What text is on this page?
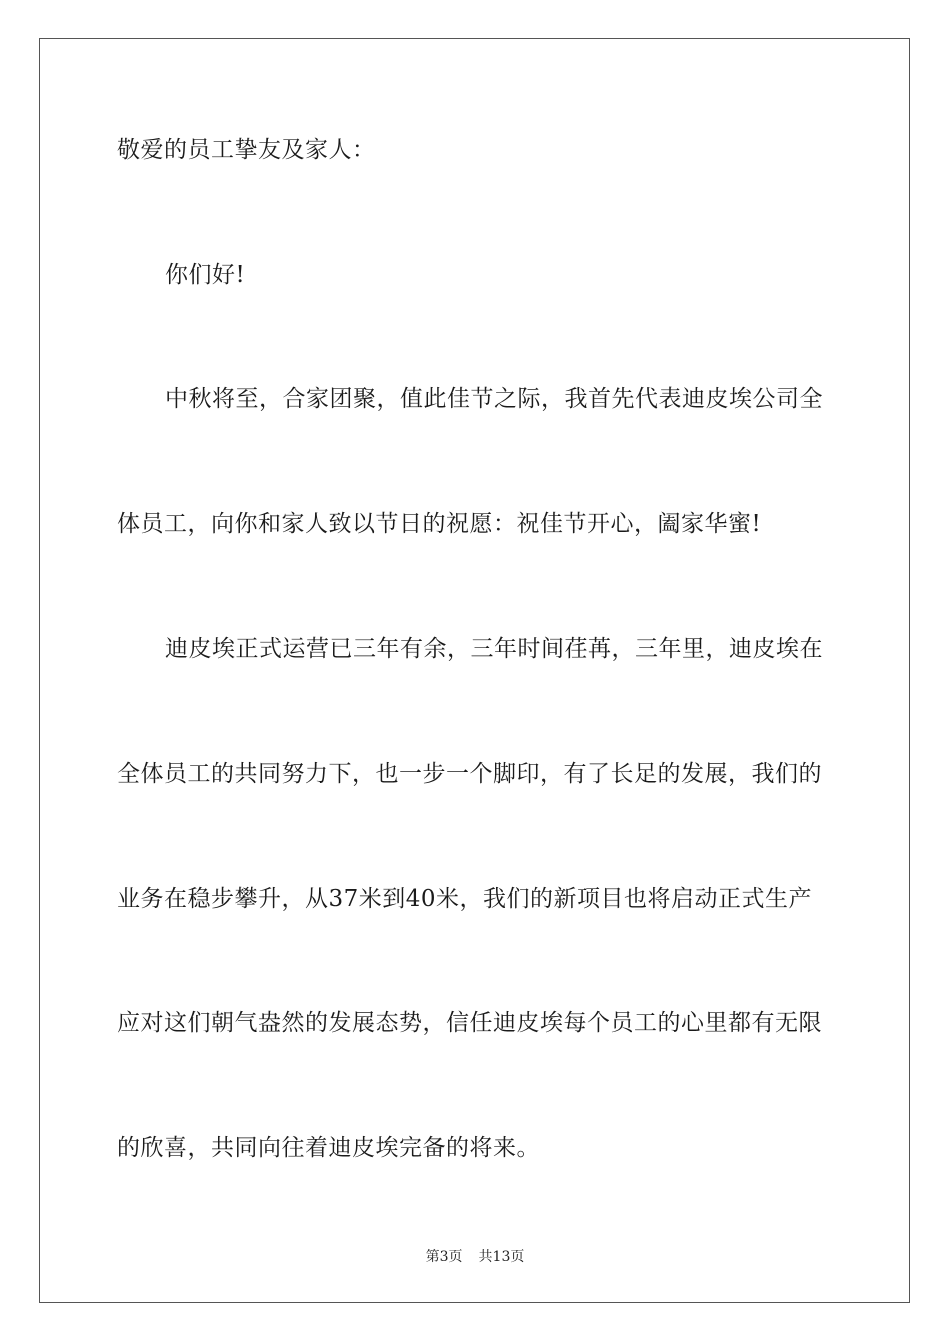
敬爱的员工挚友及家人：
你们好!
中秋将至，合家团聚，值此佳节之际，我首先代表迪皮埃公司全
体员工，向你和家人致以节日的祝愿：祝佳节开心，阖家华蜜!
迪皮埃正式运营已三年有余，三年时间荏苒，三年里，迪皮埃在
全体员工的共同努力下，也一步一个脚印，有了长足的发展，我们的
业务在稳步攀升，从37米到40米，我们的新项目也将启动正式生产
应对这们朝气盎然的发展态势，信任迪皮埃每个员工的心里都有无限
的欣喜，共同向往着迪皮埃完备的将来。
第3页 共13页
